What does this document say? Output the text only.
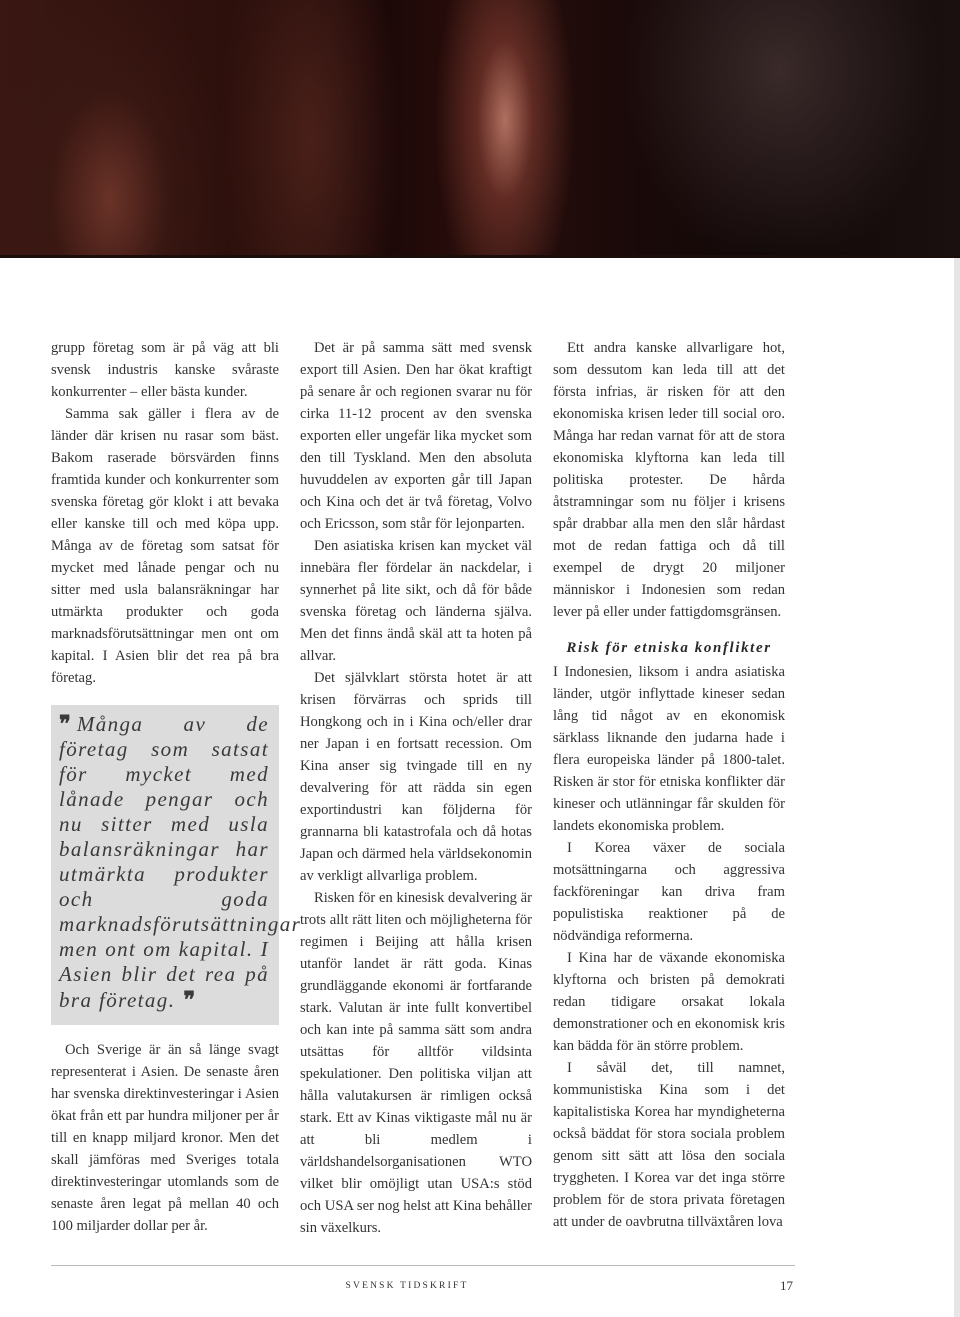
grupp företag som är på väg att bli svensk industris kanske svåraste konkurrenter – eller bästa kunder.

Samma sak gäller i flera av de länder där krisen nu rasar som bäst. Bakom raserade börsvärden finns framtida kunder och konkurrenter som svenska företag gör klokt i att bevaka eller kanske till och med köpa upp. Många av de företag som satsat för mycket med lånade pengar och nu sitter med usla balansräkningar har utmärkta produkter och goda marknadsförutsättningar men ont om kapital. I Asien blir det rea på bra företag.

❞ Många av de företag som satsat för mycket med lånade pengar och nu sitter med usla balansräkningar har utmärkta produkter och goda marknadsförutsättningar men ont om kapital. I Asien blir det rea på bra företag. ❞

Och Sverige är än så länge svagt representerat i Asien. De senaste åren har svenska direktinvesteringar i Asien ökat från ett par hundra miljoner per år till en knapp miljard kronor. Men det skall jämföras med Sveriges totala direktinvesteringar utomlands som de senaste åren legat på mellan 40 och 100 miljarder dollar per år.

Det är på samma sätt med svensk export till Asien. Den har ökat kraftigt på senare år och regionen svarar nu för cirka 11-12 procent av den svenska exporten eller ungefär lika mycket som den till Tyskland. Men den absoluta huvuddelen av exporten går till Japan och Kina och det är två företag, Volvo och Ericsson, som står för lejonparten.

Den asiatiska krisen kan mycket väl innebära fler fördelar än nackdelar, i synnerhet på lite sikt, och då för både svenska företag och länderna själva. Men det finns ändå skäl att ta hoten på allvar.

Det självklart största hotet är att krisen förvärras och sprids till Hongkong och in i Kina och/eller drar ner Japan i en fortsatt recession. Om Kina anser sig tvingade till en ny devalvering för att rädda sin egen exportindustri kan följderna för grannarna bli katastrofala och då hotas Japan och därmed hela världsekonomin av verkligt allvarliga problem.

Risken för en kinesisk devalvering är trots allt rätt liten och möjligheterna för regimen i Beijing att hålla krisen utanför landet är rätt goda. Kinas grundläggande ekonomi är fortfarande stark. Valutan är inte fullt konvertibel och kan inte på samma sätt som andra utsättas för alltför vildsinta spekulationer. Den politiska viljan att hålla valutakursen är rimligen också stark. Ett av Kinas viktigaste mål nu är att bli medlem i världshandelsorganisationen WTO vilket blir omöjligt utan USA:s stöd och USA ser nog helst att Kina behåller sin växelkurs.

Ett andra kanske allvarligare hot, som dessutom kan leda till att det första infrias, är risken för att den ekonomiska krisen leder till social oro. Många har redan varnat för att de stora ekonomiska klyftorna kan leda till politiska protester. De hårda åtstramningar som nu följer i krisens spår drabbar alla men den slår hårdast mot de redan fattiga och då till exempel de drygt 20 miljoner människor i Indonesien som redan lever på eller under fattigdomsgränsen.

Risk för etniska konflikter

I Indonesien, liksom i andra asiatiska länder, utgör inflyttade kineser sedan lång tid något av en ekonomisk särklass liknande den judarna hade i flera europeiska länder på 1800-talet. Risken är stor för etniska konflikter där kineser och utlänningar får skulden för landets ekonomiska problem.

I Korea växer de sociala motsättningarna och aggressiva fackföreningar kan driva fram populistiska reaktioner på de nödvändiga reformerna.

I Kina har de växande ekonomiska klyftorna och bristen på demokrati redan tidigare orsakat lokala demonstrationer och en ekonomisk kris kan bädda för än större problem.

I såväl det, till namnet, kommunistiska Kina som i det kapitalistiska Korea har myndigheterna också bäddat för stora sociala problem genom sitt sätt att lösa den sociala tryggheten. I Korea var det inga större problem för de stora privata företagen att under de oavbrutna tillväxtåren lova

SVENSK TIDSKRIFT	17
